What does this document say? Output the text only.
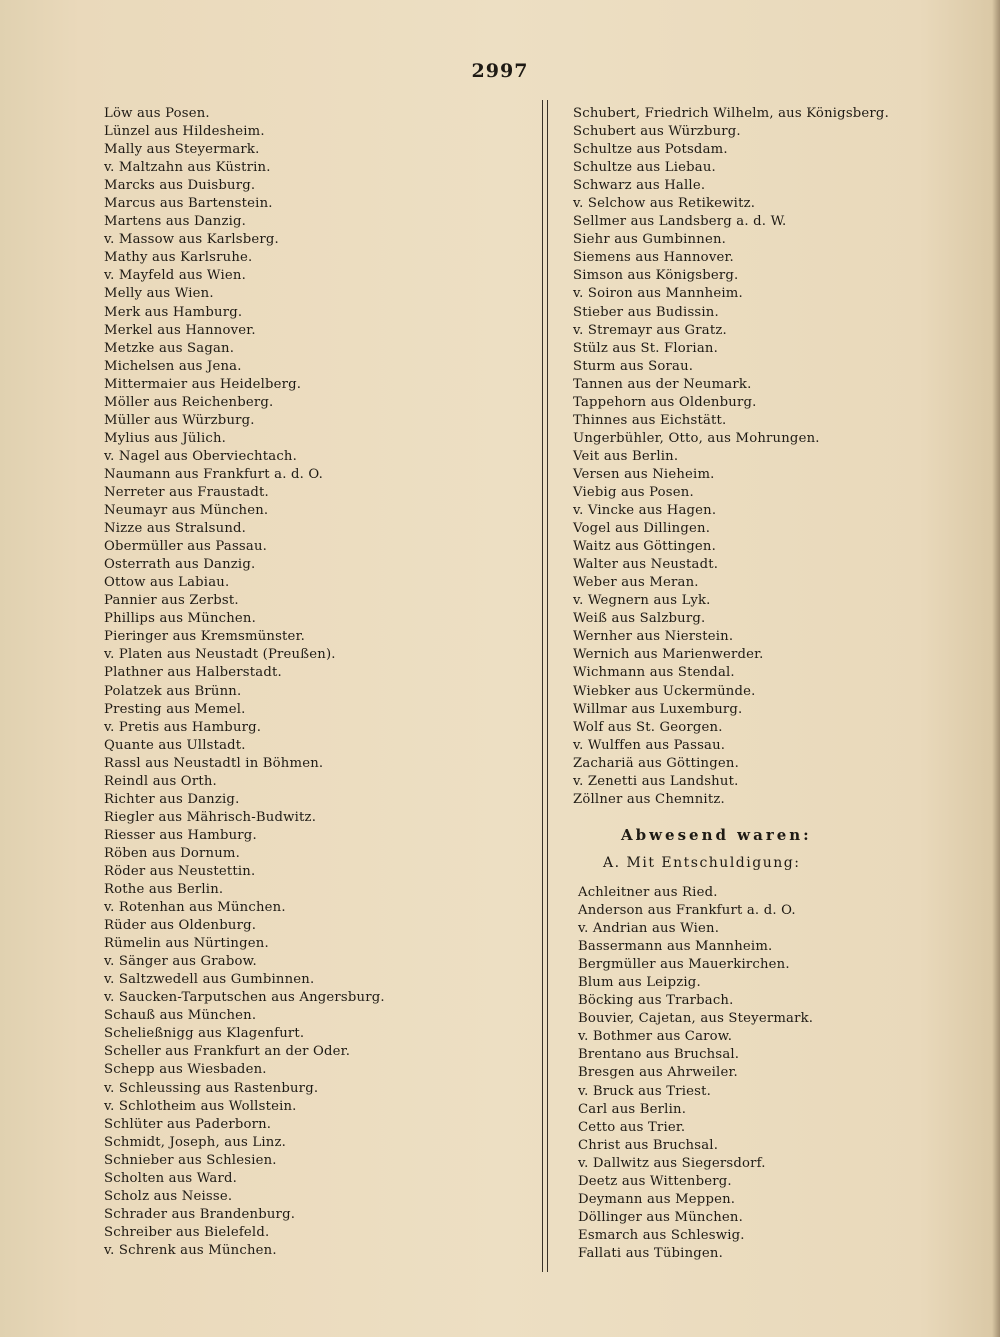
2997
Löw aus Posen.
Lünzel aus Hildesheim.
Mally aus Steyermark.
v. Maltzahn aus Küstrin.
Marcks aus Duisburg.
Marcus aus Bartenstein.
Martens aus Danzig.
v. Massow aus Karlsberg.
Mathy aus Karlsruhe.
v. Mayfeld aus Wien.
Melly aus Wien.
Merk aus Hamburg.
Merkel aus Hannover.
Metzke aus Sagan.
Michelsen aus Jena.
Mittermaier aus Heidelberg.
Möller aus Reichenberg.
Müller aus Würzburg.
Mylius aus Jülich.
v. Nagel aus Oberviechtach.
Naumann aus Frankfurt a. d. O.
Nerreter aus Fraustadt.
Neumayr aus München.
Nizze aus Stralsund.
Obermüller aus Passau.
Osterrath aus Danzig.
Ottow aus Labiau.
Pannier aus Zerbst.
Phillips aus München.
Pieringer aus Kremsmünster.
v. Platen aus Neustadt (Preußen).
Plathner aus Halberstadt.
Polatzek aus Brünn.
Presting aus Memel.
v. Pretis aus Hamburg.
Quante aus Ullstadt.
Rassl aus Neustadtl in Böhmen.
Reindl aus Orth.
Richter aus Danzig.
Riegler aus Mährisch-Budwitz.
Riesser aus Hamburg.
Röben aus Dornum.
Röder aus Neustettin.
Rothe aus Berlin.
v. Rotenhan aus München.
Rüder aus Oldenburg.
Rümelin aus Nürtingen.
v. Sänger aus Grabow.
v. Saltzwedell aus Gumbinnen.
v. Saucken-Tarputschen aus Angersburg.
Schauß aus München.
Scheließnigg aus Klagenfurt.
Scheller aus Frankfurt an der Oder.
Schepp aus Wiesbaden.
v. Schleussing aus Rastenburg.
v. Schlotheim aus Wollstein.
Schlüter aus Paderborn.
Schmidt, Joseph, aus Linz.
Schnieber aus Schlesien.
Scholten aus Ward.
Scholz aus Neisse.
Schrader aus Brandenburg.
Schreiber aus Bielefeld.
v. Schrenk aus München.
Schubert, Friedrich Wilhelm, aus Königsberg.
Schubert aus Würzburg.
Schultze aus Potsdam.
Schultze aus Liebau.
Schwarz aus Halle.
v. Selchow aus Retikewitz.
Sellmer aus Landsberg a. d. W.
Siehr aus Gumbinnen.
Siemens aus Hannover.
Simson aus Königsberg.
v. Soiron aus Mannheim.
Stieber aus Budissin.
v. Stremayr aus Gratz.
Stülz aus St. Florian.
Sturm aus Sorau.
Tannen aus der Neumark.
Tappehorn aus Oldenburg.
Thinnes aus Eichstätt.
Ungerbühler, Otto, aus Mohrungen.
Veit aus Berlin.
Versen aus Nieheim.
Viebig aus Posen.
v. Vincke aus Hagen.
Vogel aus Dillingen.
Waitz aus Göttingen.
Walter aus Neustadt.
Weber aus Meran.
v. Wegnern aus Lyk.
Weiß aus Salzburg.
Wernher aus Nierstein.
Wernich aus Marienwerder.
Wichmann aus Stendal.
Wiebker aus Uckermünde.
Willmar aus Luxemburg.
Wolf aus St. Georgen.
v. Wulffen aus Passau.
Zachariä aus Göttingen.
v. Zenetti aus Landshut.
Zöllner aus Chemnitz.
Abwesend waren:
A. Mit Entschuldigung:
Achleitner aus Ried.
Anderson aus Frankfurt a. d. O.
v. Andrian aus Wien.
Bassermann aus Mannheim.
Bergmüller aus Mauerkirchen.
Blum aus Leipzig.
Böcking aus Trarbach.
Bouvier, Cajetan, aus Steyermark.
v. Bothmer aus Carow.
Brentano aus Bruchsal.
Bresgen aus Ahrweiler.
v. Bruck aus Triest.
Carl aus Berlin.
Cetto aus Trier.
Christ aus Bruchsal.
v. Dallwitz aus Siegersdorf.
Deetz aus Wittenberg.
Deymann aus Meppen.
Döllinger aus München.
Esmarch aus Schleswig.
Fallati aus Tübingen.
